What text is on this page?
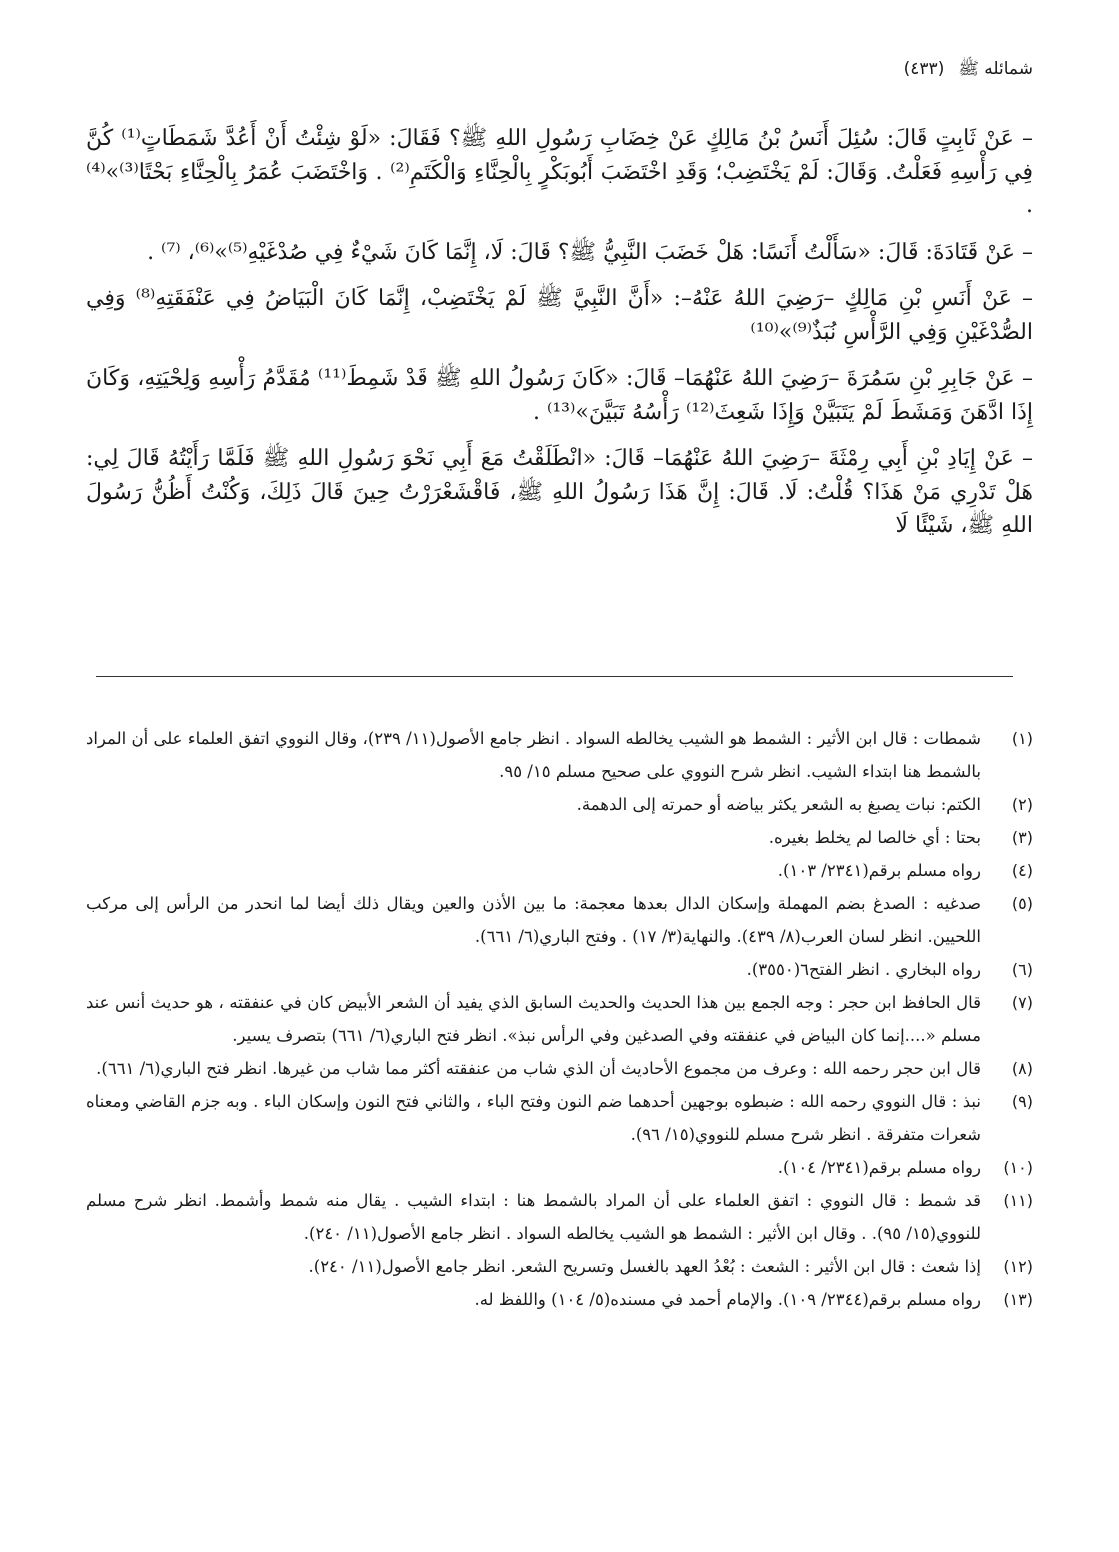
شمائله ﷺ(٤٣٣)

– عَنْ ثَابِتٍ قَالَ: سُئِلَ أَنَسُ بْنُ مَالِكٍ عَنْ خِضَابِ رَسُولِ اللهِ ﷺ؟ فَقَالَ: «لَوْ شِئْتُ أَنْ أَعُدَّ شَمَطَاتٍ⁽¹⁾ كُنَّ فِي رَأْسِهِ فَعَلْتُ. وَقَالَ: لَمْ يَخْتَضِبْ؛ وَقَدِ اخْتَضَبَ أَبُوبَكْرٍ بِالْحِنَّاءِ وَالْكَتَمِ⁽²⁾ . وَاخْتَضَبَ عُمَرُ بِالْحِنَّاءِ بَحْتًا⁽³⁾»⁽⁴⁾ .

– عَنْ قَتَادَةَ: قَالَ: «سَأَلْتُ أَنَسًا: هَلْ خَضَبَ النَّبِيُّ ﷺ؟ قَالَ: لَا، إِنَّمَا كَانَ شَيْءٌ فِي صُدْغَيْهِ⁽⁵⁾»⁽⁶⁾، ⁽⁷⁾ .

– عَنْ أَنَسِ بْنِ مَالِكٍ –رَضِيَ اللهُ عَنْهُ–: «أَنَّ النَّبِيَّ ﷺ لَمْ يَخْتَضِبْ، إِنَّمَا كَانَ الْبَيَاضُ فِي عَنْفَقَتِهِ⁽⁸⁾ وَفِي الصُّدْغَيْنِ وَفِي الرَّأْسِ نُبَذٌ⁽⁹⁾»⁽¹⁰⁾

– عَنْ جَابِرِ بْنِ سَمُرَةَ –رَضِيَ اللهُ عَنْهُمَا– قَالَ: «كَانَ رَسُولُ اللهِ ﷺ قَدْ شَمِطَ⁽¹¹⁾ مُقَدَّمُ رَأْسِهِ وَلِحْيَتِهِ، وَكَانَ إِذَا ادَّهَنَ وَمَشَطَ لَمْ يَتَبَيَّنْ وَإِذَا شَعِثَ⁽¹²⁾ رَأْسُهُ تَبَيَّنَ»⁽¹³⁾ .

– عَنْ إِيَادِ بْنِ أَبِي رِمْثَةَ –رَضِيَ اللهُ عَنْهُمَا– قَالَ: «انْطَلَقْتُ مَعَ أَبِي نَحْوَ رَسُولِ اللهِ ﷺ فَلَمَّا رَأَيْتُهُ قَالَ لِي: هَلْ تَدْرِي مَنْ هَذَا؟ قُلْتُ: لَا. قَالَ: إِنَّ هَذَا رَسُولُ اللهِ ﷺ، فَاقْشَعْرَرْتُ حِينَ قَالَ ذَلِكَ، وَكُنْتُ أَظُنُّ رَسُولَ اللهِ ﷺ، شَيْئًا لَا

(١)
شمطات : قال ابن الأثير : الشمط هو الشيب يخالطه السواد . انظر جامع الأصول(١١/ ٢٣٩)، وقال النووي اتفق العلماء على أن المراد بالشمط هنا ابتداء الشيب. انظر شرح النووي على صحيح مسلم ١٥/ ٩٥.
(٢)
الكتم: نبات يصبغ به الشعر يكثر بياضه أو حمرته إلى الدهمة.
(٣)
بحتا : أي خالصا لم يخلط بغيره.
(٤)
رواه مسلم برقم(٢٣٤١/ ١٠٣).
(٥)
صدغيه : الصدغ بضم المهملة وإسكان الدال بعدها معجمة: ما بين الأذن والعين ويقال ذلك أيضا لما انحدر من الرأس إلى مركب اللحيين. انظر لسان العرب(٨/ ٤٣٩). والنهاية(٣/ ١٧) . وفتح الباري(٦/ ٦٦١).
(٦)
رواه البخاري . انظر الفتح٦(٣٥٥٠).
(٧)
قال الحافظ ابن حجر : وجه الجمع بين هذا الحديث والحديث السابق الذي يفيد أن الشعر الأبيض كان في عنفقته ، هو حديث أنس عند مسلم «....إنما كان البياض في عنفقته وفي الصدغين وفي الرأس نبذ». انظر فتح الباري(٦/ ٦٦١) بتصرف يسير.
(٨)
قال ابن حجر رحمه الله : وعرف من مجموع الأحاديث أن الذي شاب من عنفقته أكثر مما شاب من غيرها. انظر فتح الباري(٦/ ٦٦١).
(٩)
نبذ : قال النووي رحمه الله : ضبطوه بوجهين أحدهما ضم النون وفتح الباء ، والثاني فتح النون وإسكان الباء . وبه جزم القاضي ومعناه شعرات متفرقة . انظر شرح مسلم للنووي(١٥/ ٩٦).
(١٠)
رواه مسلم برقم(٢٣٤١/ ١٠٤).
(١١)
قد شمط : قال النووي : اتفق العلماء على أن المراد بالشمط هنا : ابتداء الشيب . يقال منه شمط وأشمط. انظر شرح مسلم للنووي(١٥/ ٩٥). . وقال ابن الأثير : الشمط هو الشيب يخالطه السواد . انظر جامع الأصول(١١/ ٢٤٠).
(١٢)
إذا شعث : قال ابن الأثير : الشعث : بُعْدُ العهد بالغسل وتسريح الشعر. انظر جامع الأصول(١١/ ٢٤٠).
(١٣)
رواه مسلم برقم(٢٣٤٤/ ١٠٩). والإمام أحمد في مسنده(٥/ ١٠٤) واللفظ له.
